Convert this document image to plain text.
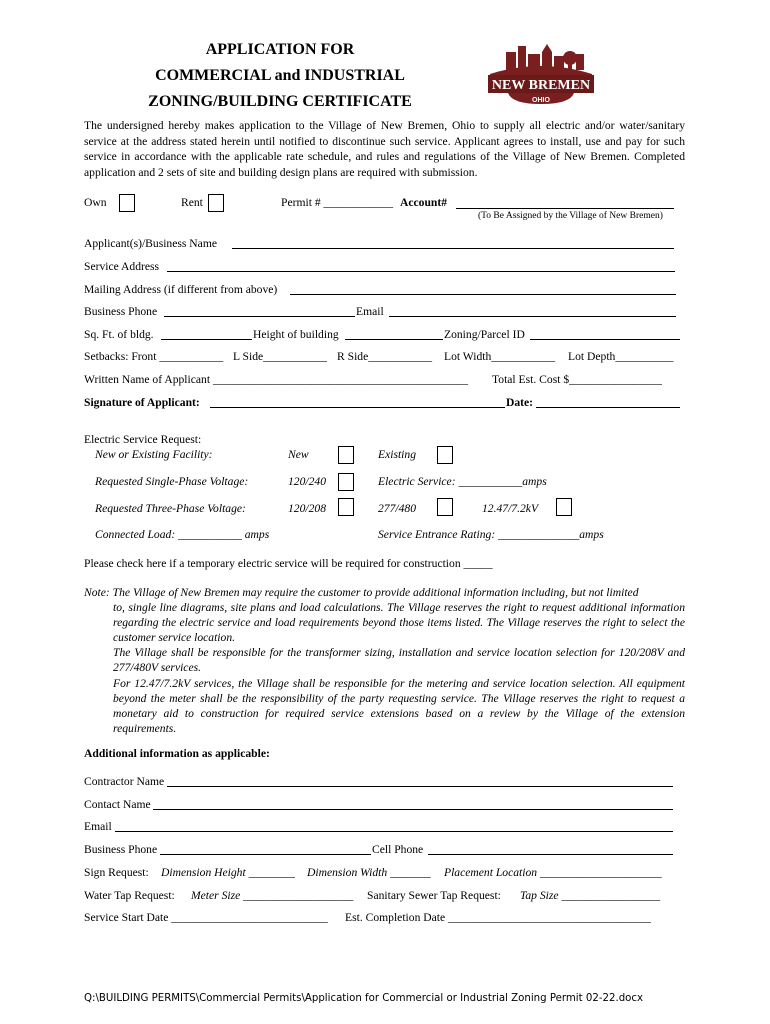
APPLICATION FOR
COMMERCIAL and INDUSTRIAL
ZONING/BUILDING CERTIFICATE
NEW BREMEN
OHIO
The undersigned hereby makes application to the Village of New Bremen, Ohio to supply all electric and/or water/sanitary service at the address stated herein until notified to discontinue such service. Applicant agrees to install, use and pay for such service in accordance with the applicable rate schedule, and rules and regulations of the Village of New Bremen. Completed application and 2 sets of site and building design plans are required with submission.
Own	Rent	Permit # ____________ Account#
(To Be Assigned by the Village of New Bremen)
Applicant(s)/Business Name
Service Address
Mailing Address (if different from above)
Business Phone	Email
Sq. Ft. of bldg.	Height of building	Zoning/Parcel ID
Setbacks: Front ___________ L Side___________ R Side___________ Lot Width___________ Lot Depth__________
Written Name of Applicant ____________________________________________ Total Est. Cost $________________
Signature of Applicant:	Date:
Electric Service Request:
New or Existing Facility:	New	Existing
Requested Single-Phase Voltage:	120/240	Electric Service: ___________amps
Requested Three-Phase Voltage:	120/208	277/480	12.47/7.2kV
Connected Load: ___________ amps	Service Entrance Rating: ______________amps
Please check here if a temporary electric service will be required for construction _____
Note: The Village of New Bremen may require the customer to provide additional information including, but not limited
to, single line diagrams, site plans and load calculations. The Village reserves the right to request additional information regarding the electric service and load requirements beyond those items listed. The Village reserves the right to select the customer service location.
The Village shall be responsible for the transformer sizing, installation and service location selection for 120/208V and 277/480V services.
For 12.47/7.2kV services, the Village shall be responsible for the metering and service location selection. All equipment beyond the meter shall be the responsibility of the party requesting service. The Village reserves the right to request a monetary aid to construction for required service extensions based on a review by the Village of the extension requirements.
Additional information as applicable:
Contractor Name
Contact Name
Email
Business Phone	Cell Phone
Sign Request: Dimension Height ________ Dimension Width _______ Placement Location _____________________
Water Tap Request: Meter Size ___________________ Sanitary Sewer Tap Request: Tap Size _________________
Service Start Date ___________________________ Est. Completion Date ___________________________________
Q:\BUILDING PERMITS\Commercial Permits\Application for Commercial or Industrial Zoning Permit 02-22.docx
